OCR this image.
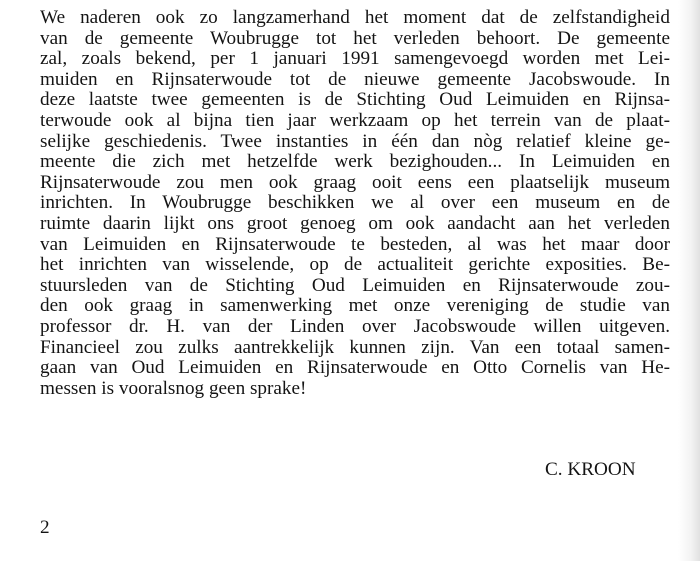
We naderen ook zo langzamerhand het moment dat de zelfstandigheid
van de gemeente Woubrugge tot het verleden behoort. De gemeente
zal, zoals bekend, per 1 januari 1991 samengevoegd worden met Lei-
muiden en Rijnsaterwoude tot de nieuwe gemeente Jacobswoude. In
deze laatste twee gemeenten is de Stichting Oud Leimuiden en Rijnsa-
terwoude ook al bijna tien jaar werkzaam op het terrein van de plaat-
selijke geschiedenis. Twee instanties in één dan nòg relatief kleine ge-
meente die zich met hetzelfde werk bezighouden... In Leimuiden en
Rijnsaterwoude zou men ook graag ooit eens een plaatselijk museum
inrichten. In Woubrugge beschikken we al over een museum en de
ruimte daarin lijkt ons groot genoeg om ook aandacht aan het verleden
van Leimuiden en Rijnsaterwoude te besteden, al was het maar door
het inrichten van wisselende, op de actualiteit gerichte exposities. Be-
stuursleden van de Stichting Oud Leimuiden en Rijnsaterwoude zou-
den ook graag in samenwerking met onze vereniging de studie van
professor dr. H. van der Linden over Jacobswoude willen uitgeven.
Financieel zou zulks aantrekkelijk kunnen zijn. Van een totaal samen-
gaan van Oud Leimuiden en Rijnsaterwoude en Otto Cornelis van He-
messen is vooralsnog geen sprake!
C. KROON
2
